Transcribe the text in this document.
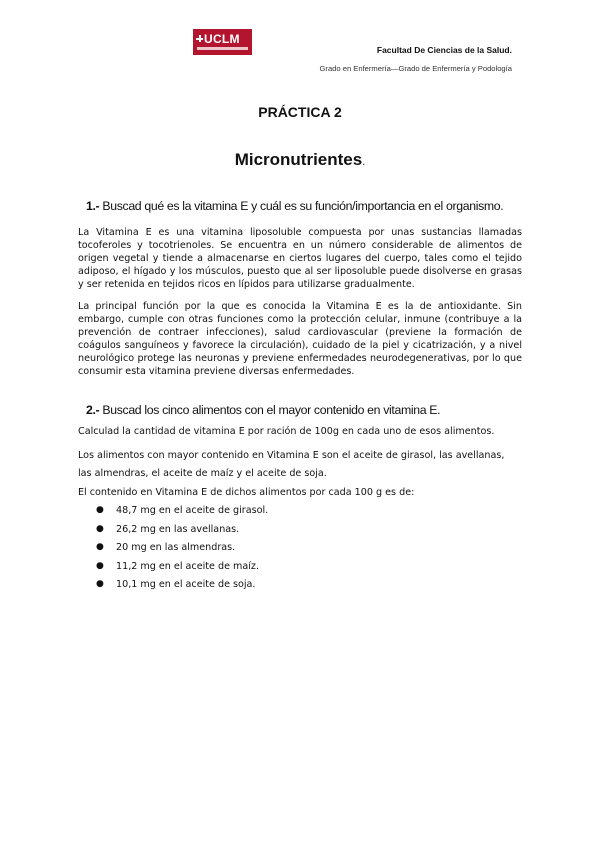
UCLM
Facultad De Ciencias de la Salud.
Grado en Enfermería—Grado de Enfermería y Podología
PRÁCTICA 2
Micronutrientes.
1.- Buscad qué es la vitamina E y cuál es su función/importancia en el organismo.

La Vitamina E es una vitamina liposoluble compuesta por unas sustancias llamadas tocoferoles y tocotrienoles. Se encuentra en un número considerable de alimentos de origen vegetal y tiende a almacenarse en ciertos lugares del cuerpo, tales como el tejido adiposo, el hígado y los músculos, puesto que al ser liposoluble puede disolverse en grasas y ser retenida en tejidos ricos en lípidos para utilizarse gradualmente.

La principal función por la que es conocida la Vitamina E es la de antioxidante. Sin embargo, cumple con otras funciones como la protección celular, inmune (contribuye a la prevención de contraer infecciones), salud cardiovascular (previene la formación de coágulos sanguíneos y favorece la circulación), cuidado de la piel y cicatrización, y a nivel neurológico protege las neuronas y previene enfermedades neurodegenerativas, por lo que consumir esta vitamina previene diversas enfermedades.

2.- Buscad los cinco alimentos con el mayor contenido en vitamina E.
Calculad la cantidad de vitamina E por ración de 100g en cada uno de esos alimentos.
Los alimentos con mayor contenido en Vitamina E son el aceite de girasol, las avellanas,
las almendras, el aceite de maíz y el aceite de soja.
El contenido en Vitamina E de dichos alimentos por cada 100 g es de:
● 48,7 mg en el aceite de girasol.
● 26,2 mg en las avellanas.
● 20 mg en las almendras.
● 11,2 mg en el aceite de maíz.
● 10,1 mg en el aceite de soja.
